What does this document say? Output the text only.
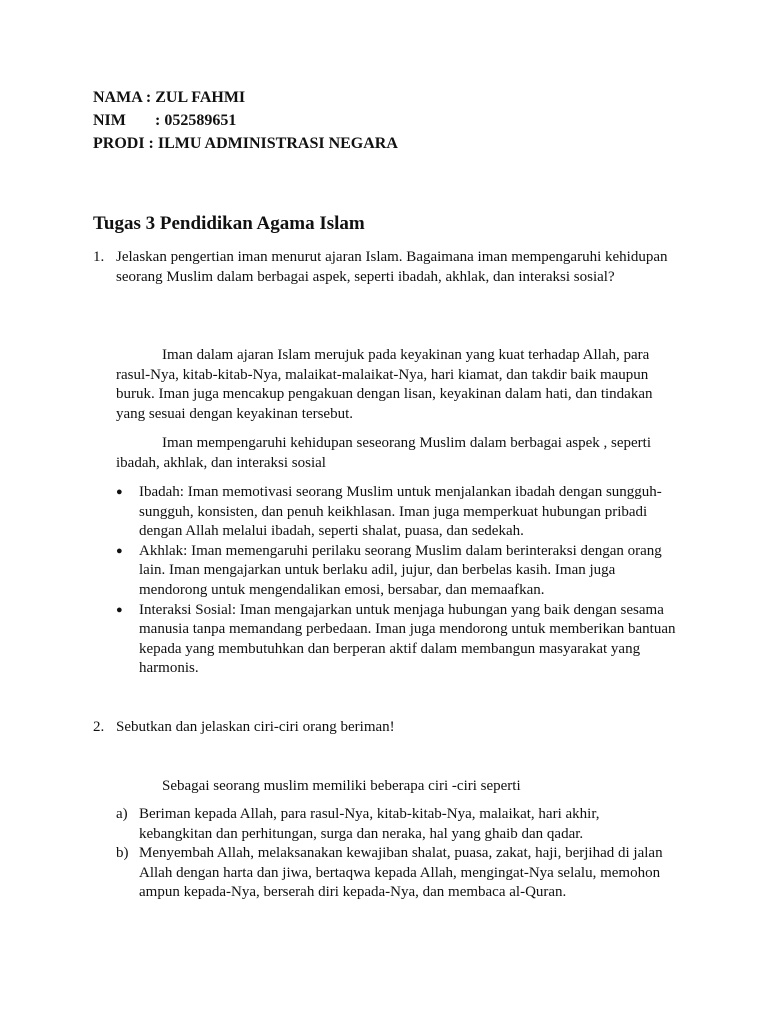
NAMA : ZUL FAHMI
NIM	: 052589651
PRODI : ILMU ADMINISTRASI NEGARA
Tugas 3 Pendidikan Agama Islam
1. Jelaskan pengertian iman menurut ajaran Islam. Bagaimana iman mempengaruhi kehidupan seorang Muslim dalam berbagai aspek, seperti ibadah, akhlak, dan interaksi sosial?
Iman dalam ajaran Islam merujuk pada keyakinan yang kuat terhadap Allah, para rasul-Nya, kitab-kitab-Nya, malaikat-malaikat-Nya, hari kiamat, dan takdir baik maupun buruk. Iman juga mencakup pengakuan dengan lisan, keyakinan dalam hati, dan tindakan yang sesuai dengan keyakinan tersebut.
Iman mempengaruhi kehidupan seseorang Muslim dalam berbagai aspek , seperti ibadah, akhlak, dan interaksi sosial
●	Ibadah: Iman memotivasi seorang Muslim untuk menjalankan ibadah dengan sungguh-sungguh, konsisten, dan penuh keikhlasan. Iman juga memperkuat hubungan pribadi dengan Allah melalui ibadah, seperti shalat, puasa, dan sedekah.
●	Akhlak: Iman memengaruhi perilaku seorang Muslim dalam berinteraksi dengan orang lain. Iman mengajarkan untuk berlaku adil, jujur, dan berbelas kasih. Iman juga mendorong untuk mengendalikan emosi, bersabar, dan memaafkan.
●	Interaksi Sosial: Iman mengajarkan untuk menjaga hubungan yang baik dengan sesama manusia tanpa memandang perbedaan. Iman juga mendorong untuk memberikan bantuan kepada yang membutuhkan dan berperan aktif dalam membangun masyarakat yang harmonis.
2. Sebutkan dan jelaskan ciri-ciri orang beriman!
Sebagai seorang muslim memiliki beberapa ciri -ciri seperti
a) Beriman kepada Allah, para rasul-Nya, kitab-kitab-Nya, malaikat, hari akhir, kebangkitan dan perhitungan, surga dan neraka, hal yang ghaib dan qadar.
b) Menyembah Allah, melaksanakan kewajiban shalat, puasa, zakat, haji, berjihad di jalan Allah dengan harta dan jiwa, bertaqwa kepada Allah, mengingat-Nya selalu, memohon ampun kepada-Nya, berserah diri kepada-Nya, dan membaca al-Quran.
